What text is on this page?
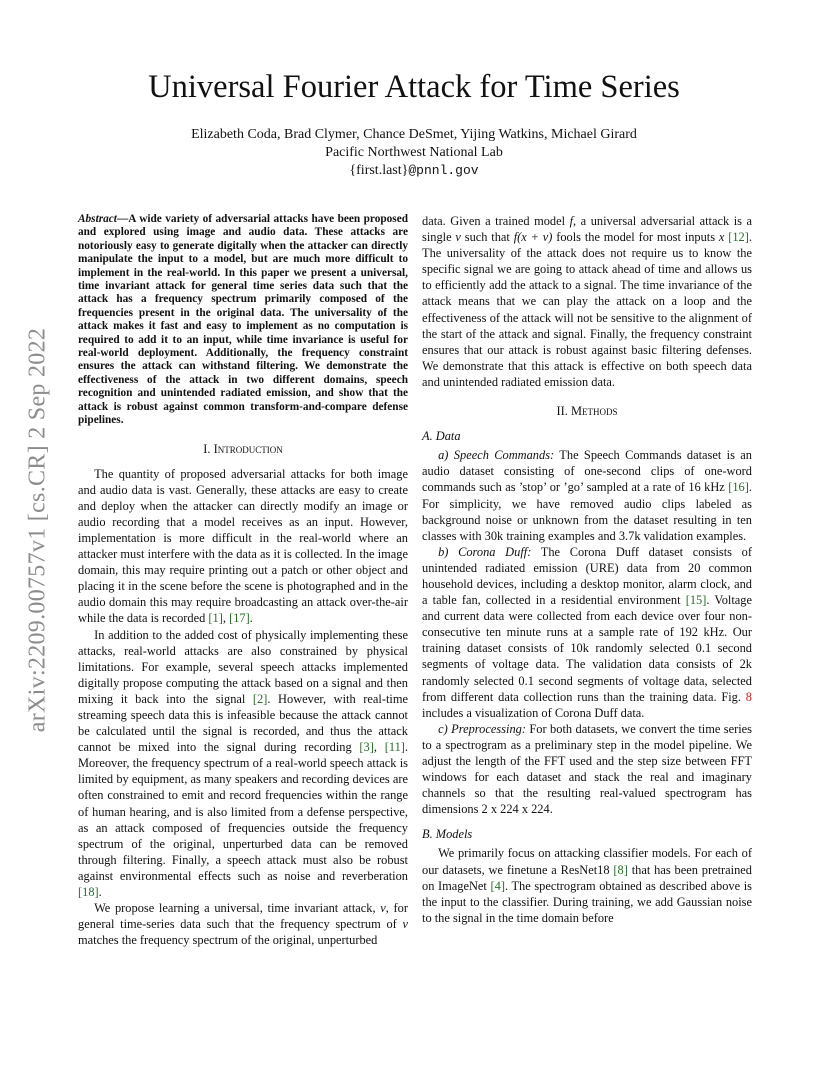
Universal Fourier Attack for Time Series
Elizabeth Coda, Brad Clymer, Chance DeSmet, Yijing Watkins, Michael Girard
Pacific Northwest National Lab
{first.last}@pnnl.gov
arXiv:2209.00757v1 [cs.CR] 2 Sep 2022

Abstract—A wide variety of adversarial attacks have been proposed and explored using image and audio data. These attacks are notoriously easy to generate digitally when the attacker can directly manipulate the input to a model, but are much more difficult to implement in the real-world. In this paper we present a universal, time invariant attack for general time series data such that the attack has a frequency spectrum primarily composed of the frequencies present in the original data. The universality of the attack makes it fast and easy to implement as no computation is required to add it to an input, while time invariance is useful for real-world deployment. Additionally, the frequency constraint ensures the attack can withstand filtering. We demonstrate the effectiveness of the attack in two different domains, speech recognition and unintended radiated emission, and show that the attack is robust against common transform-and-compare defense pipelines.

I. Introduction

The quantity of proposed adversarial attacks for both image and audio data is vast. Generally, these attacks are easy to create and deploy when the attacker can directly modify an image or audio recording that a model receives as an input. However, implementation is more difficult in the real-world where an attacker must interfere with the data as it is collected. In the image domain, this may require printing out a patch or other object and placing it in the scene before the scene is photographed and in the audio domain this may require broadcasting an attack over-the-air while the data is recorded [1], [17].

In addition to the added cost of physically implementing these attacks, real-world attacks are also constrained by physical limitations. For example, several speech attacks implemented digitally propose computing the attack based on a signal and then mixing it back into the signal [2]. However, with real-time streaming speech data this is infeasible because the attack cannot be calculated until the signal is recorded, and thus the attack cannot be mixed into the signal during recording [3], [11]. Moreover, the frequency spectrum of a real-world speech attack is limited by equipment, as many speakers and recording devices are often constrained to emit and record frequencies within the range of human hearing, and is also limited from a defense perspective, as an attack composed of frequencies outside the frequency spectrum of the original, unperturbed data can be removed through filtering. Finally, a speech attack must also be robust against environmental effects such as noise and reverberation [18].

We propose learning a universal, time invariant attack, v, for general time-series data such that the frequency spectrum of v matches the frequency spectrum of the original, unperturbed

data. Given a trained model f, a universal adversarial attack is a single v such that f(x + v) fools the model for most inputs x [12]. The universality of the attack does not require us to know the specific signal we are going to attack ahead of time and allows us to efficiently add the attack to a signal. The time invariance of the attack means that we can play the attack on a loop and the effectiveness of the attack will not be sensitive to the alignment of the start of the attack and signal. Finally, the frequency constraint ensures that our attack is robust against basic filtering defenses. We demonstrate that this attack is effective on both speech data and unintended radiated emission data.

II. Methods
A. Data

a) Speech Commands: The Speech Commands dataset is an audio dataset consisting of one-second clips of one-word commands such as ’stop’ or ’go’ sampled at a rate of 16 kHz [16]. For simplicity, we have removed audio clips labeled as background noise or unknown from the dataset resulting in ten classes with 30k training examples and 3.7k validation examples.

b) Corona Duff: The Corona Duff dataset consists of unintended radiated emission (URE) data from 20 common household devices, including a desktop monitor, alarm clock, and a table fan, collected in a residential environment [15]. Voltage and current data were collected from each device over four non-consecutive ten minute runs at a sample rate of 192 kHz. Our training dataset consists of 10k randomly selected 0.1 second segments of voltage data. The validation data consists of 2k randomly selected 0.1 second segments of voltage data, selected from different data collection runs than the training data. Fig. 8 includes a visualization of Corona Duff data.

c) Preprocessing: For both datasets, we convert the time series to a spectrogram as a preliminary step in the model pipeline. We adjust the length of the FFT used and the step size between FFT windows for each dataset and stack the real and imaginary channels so that the resulting real-valued spectrogram has dimensions 2 x 224 x 224.

B. Models

We primarily focus on attacking classifier models. For each of our datasets, we finetune a ResNet18 [8] that has been pretrained on ImageNet [4]. The spectrogram obtained as described above is the input to the classifier. During training, we add Gaussian noise to the signal in the time domain before
